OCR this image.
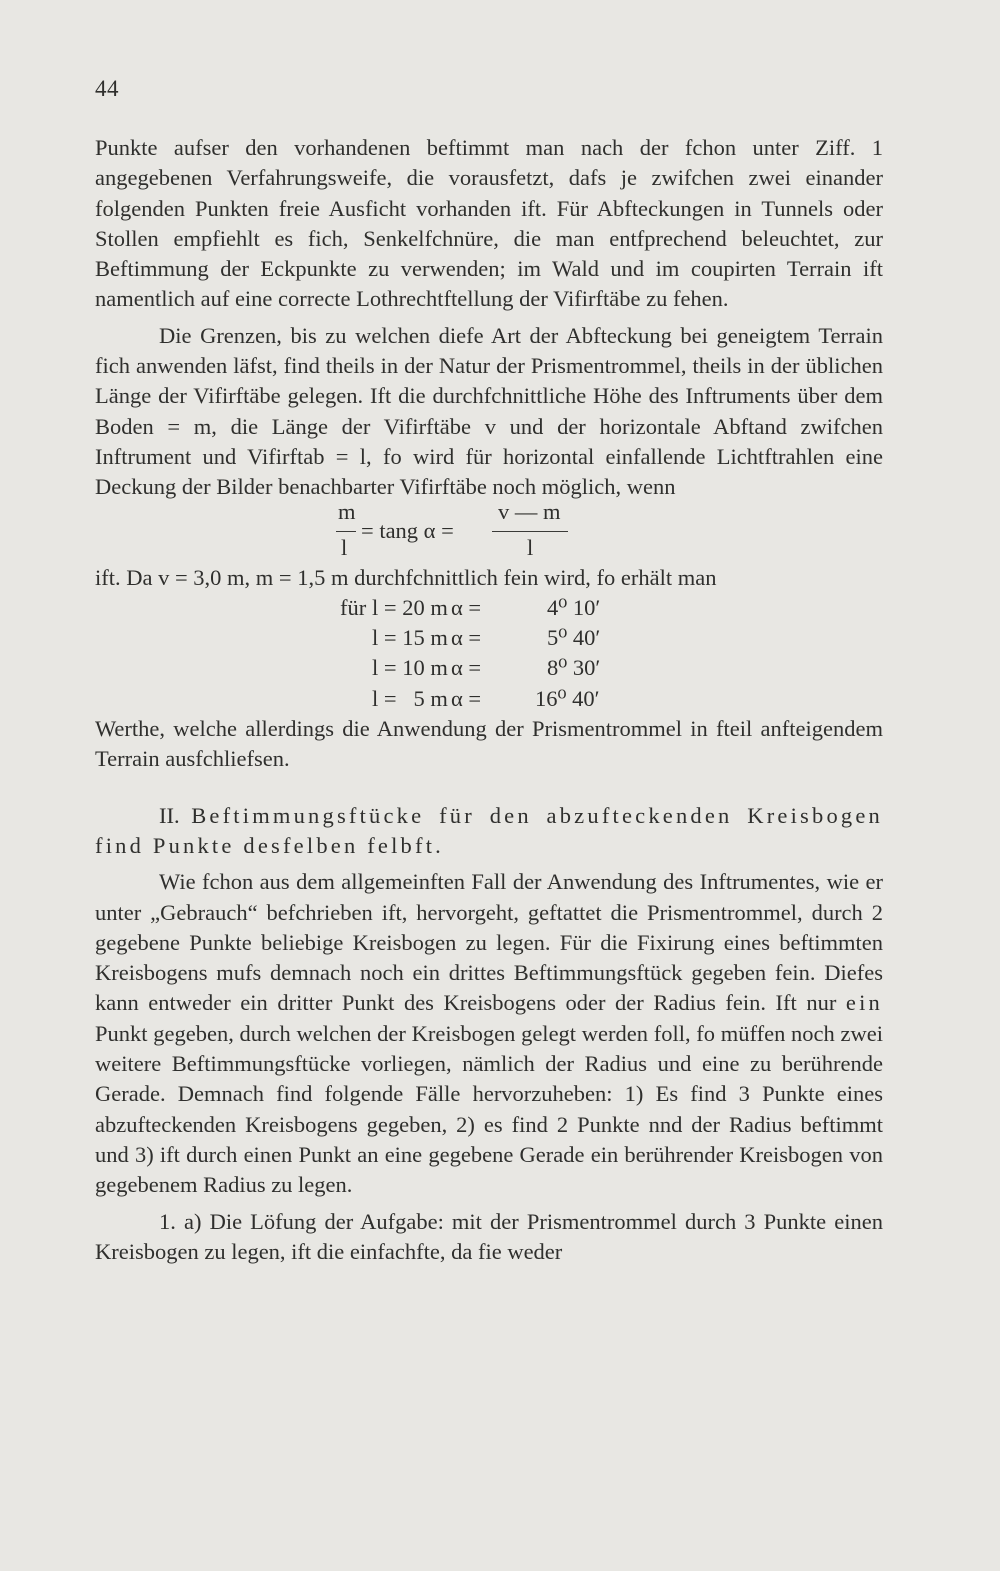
44

Punkte aufser den vorhandenen beftimmt man nach der fchon unter Ziff. 1 angegebenen Verfahrungsweife, die vorausfetzt, dafs je zwifchen zwei einander folgenden Punkten freie Ausficht vorhanden ift. Für Abfteckungen in Tunnels oder Stollen empfiehlt es fich, Senkelfchnüre, die man entfprechend beleuchtet, zur Beftimmung der Eckpunkte zu verwenden; im Wald und im coupirten Terrain ift namentlich auf eine correcte Lothrechtftellung der Vifirftäbe zu fehen.

Die Grenzen, bis zu welchen diefe Art der Abfteckung bei geneigtem Terrain fich anwenden läfst, find theils in der Natur der Prismentrommel, theils in der üblichen Länge der Vifirftäbe gelegen. Ift die durchfchnittliche Höhe des Inftruments über dem Boden = m, die Länge der Vifirftäbe v und der horizontale Abftand zwifchen Inftrument und Vifirftab = l, fo wird für horizontal einfallende Lichtftrahlen eine Deckung der Bilder benachbarter Vifirftäbe noch möglich, wenn

m
l
= tang α =
v — m
l

ift. Da v = 3,0 m, m = 1,5 m durchfchnittlich fein wird, fo erhält man

für l = 20 m α =	4⁰ 10′
l = 15 m α =	5⁰ 40′
l = 10 m α =	8⁰ 30′
l =   5 m α = 16⁰ 40′

Werthe, welche allerdings die Anwendung der Prismentrommel in fteil anfteigendem Terrain ausfchliefsen.

II. Beftimmungsftücke für den abzufteckenden Kreisbogen find Punkte desfelben felbft.

Wie fchon aus dem allgemeinften Fall der Anwendung des Inftrumentes, wie er unter „Gebrauch“ befchrieben ift, hervorgeht, geftattet die Prismentrommel, durch 2 gegebene Punkte beliebige Kreisbogen zu legen. Für die Fixirung eines beftimmten Kreisbogens mufs demnach noch ein drittes Beftimmungsftück gegeben fein. Diefes kann entweder ein dritter Punkt des Kreisbogens oder der Radius fein. Ift nur ein Punkt gegeben, durch welchen der Kreisbogen gelegt werden foll, fo müffen noch zwei weitere Beftimmungsftücke vorliegen, nämlich der Radius und eine zu berührende Gerade. Demnach find folgende Fälle hervorzuheben: 1) Es find 3 Punkte eines abzufteckenden Kreisbogens gegeben, 2) es find 2 Punkte nnd der Radius beftimmt und 3) ift durch einen Punkt an eine gegebene Gerade ein berührender Kreisbogen von gegebenem Radius zu legen.

1. a) Die Löfung der Aufgabe: mit der Prismentrommel durch 3 Punkte einen Kreisbogen zu legen, ift die einfachfte, da fie weder
